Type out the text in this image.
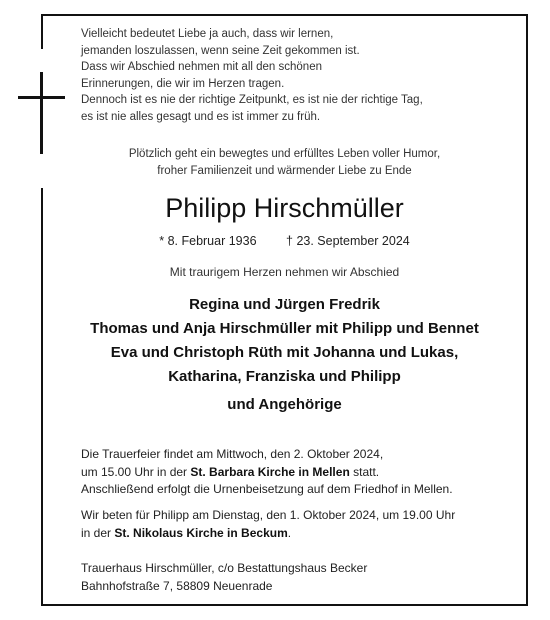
Vielleicht bedeutet Liebe ja auch, dass wir lernen,
jemanden loszulassen, wenn seine Zeit gekommen ist.
Dass wir Abschied nehmen mit all den schönen
Erinnerungen, die wir im Herzen tragen.
Dennoch ist es nie der richtige Zeitpunkt, es ist nie der richtige Tag,
es ist nie alles gesagt und es ist immer zu früh.
Plötzlich geht ein bewegtes und erfülltes Leben voller Humor,
froher Familienzeit und wärmender Liebe zu Ende
Philipp Hirschmüller
* 8. Februar 1936 † 23. September 2024
Mit traurigem Herzen nehmen wir Abschied
Regina und Jürgen Fredrik
Thomas und Anja Hirschmüller mit Philipp und Bennet
Eva und Christoph Rüth mit Johanna und Lukas,
Katharina, Franziska und Philipp
und Angehörige
Die Trauerfeier findet am Mittwoch, den 2. Oktober 2024,
um 15.00 Uhr in der St. Barbara Kirche in Mellen statt.
Anschließend erfolgt die Urnenbeisetzung auf dem Friedhof in Mellen.
Wir beten für Philipp am Dienstag, den 1. Oktober 2024, um 19.00 Uhr
in der St. Nikolaus Kirche in Beckum.
Trauerhaus Hirschmüller, c/o Bestattungshaus Becker
Bahnhofstraße 7, 58809 Neuenrade
